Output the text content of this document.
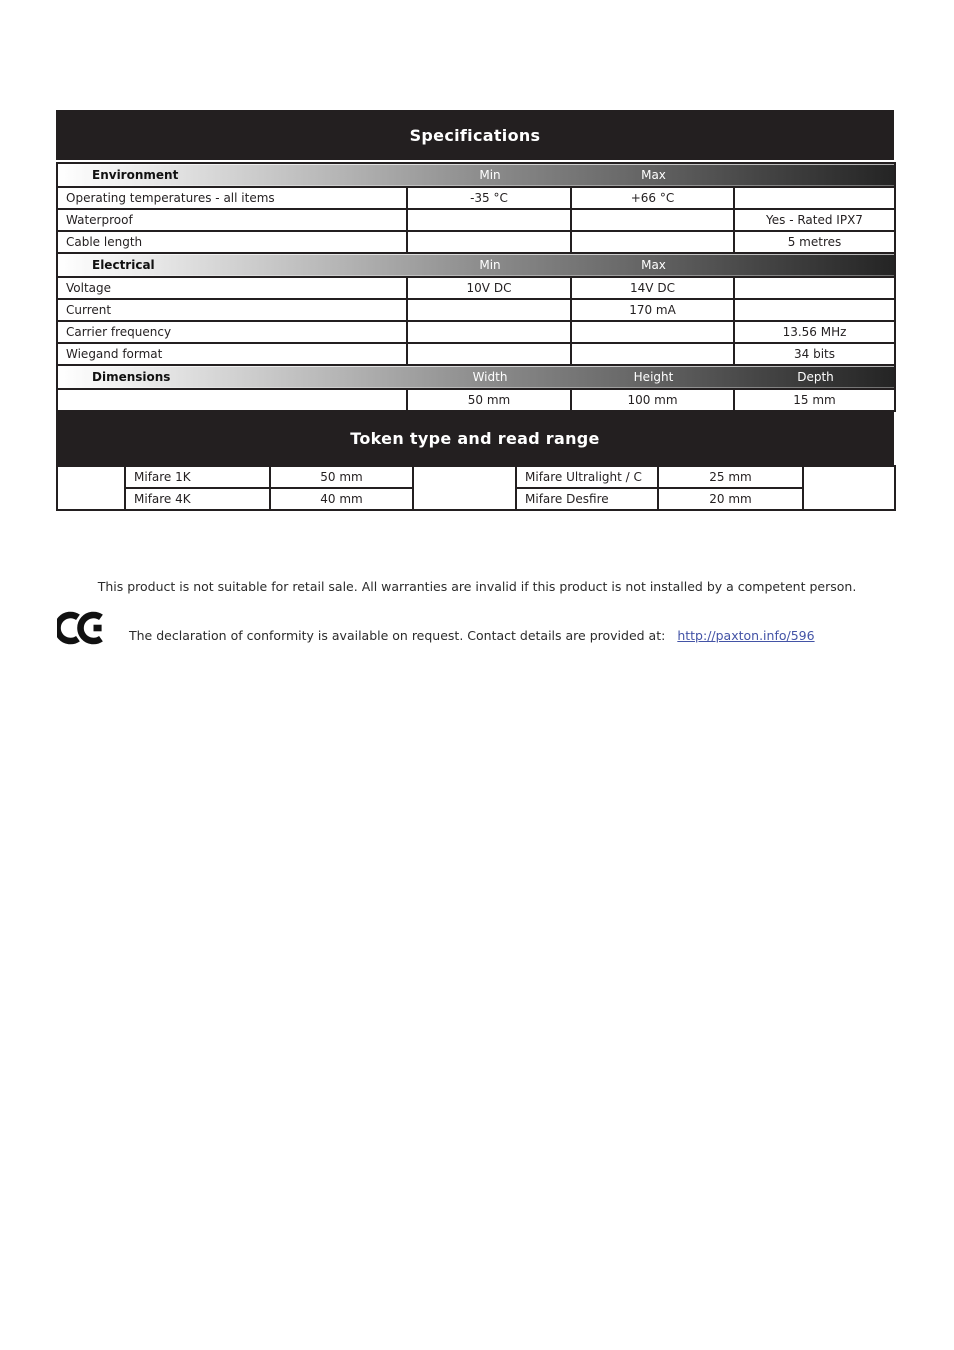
Specifications
Environment Min Max			

Operating temperatures - all items	-35 °C	+66 °C	
Waterproof			Yes - Rated IPX7
Cable length			5 metres
Electrical Min Max			

Voltage	10V DC	14V DC	
Current		170 mA	
Carrier frequency			13.56 MHz
Wiegand format			34 bits
Dimensions Width Height Depth			

	50 mm	100 mm	15 mm
Token type and read range
	Mifare 1K	50 mm		Mifare Ultralight / C	25 mm	
	Mifare 4K	40 mm		Mifare Desfire	20 mm	

This product is not suitable for retail sale. All warranties are invalid if this product is not installed by a competent person.

The declaration of conformity is available on request. Contact details are provided at: http://paxton.info/596
